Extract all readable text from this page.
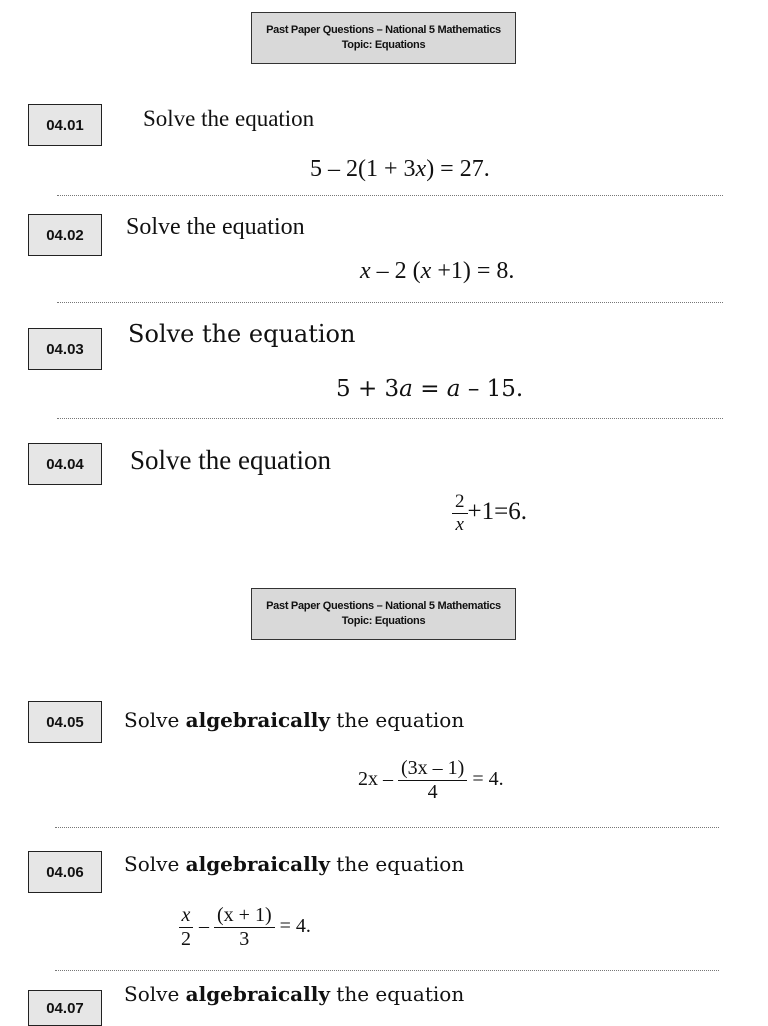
Past Paper Questions – National 5 Mathematics
Topic: Equations
04.01	Solve the equation
5 – 2(1 + 3x) = 27.
04.02	Solve the equation
x – 2 (x +1) = 8.
04.03
Solve the equation
5 + 3a = a – 15.
04.04	Solve the equation
$\frac{2}{x} +1=6$.
Past Paper Questions – National 5 Mathematics
Topic: Equations
04.05	Solve algebraically the equation
$2x - \frac{(3x - 1)}{4} = 4$.
04.06	Solve algebraically the equation
$\frac{x}{2} - \frac{(x + 1)}{3} = 4$.
04.07
Solve algebraically the equation
